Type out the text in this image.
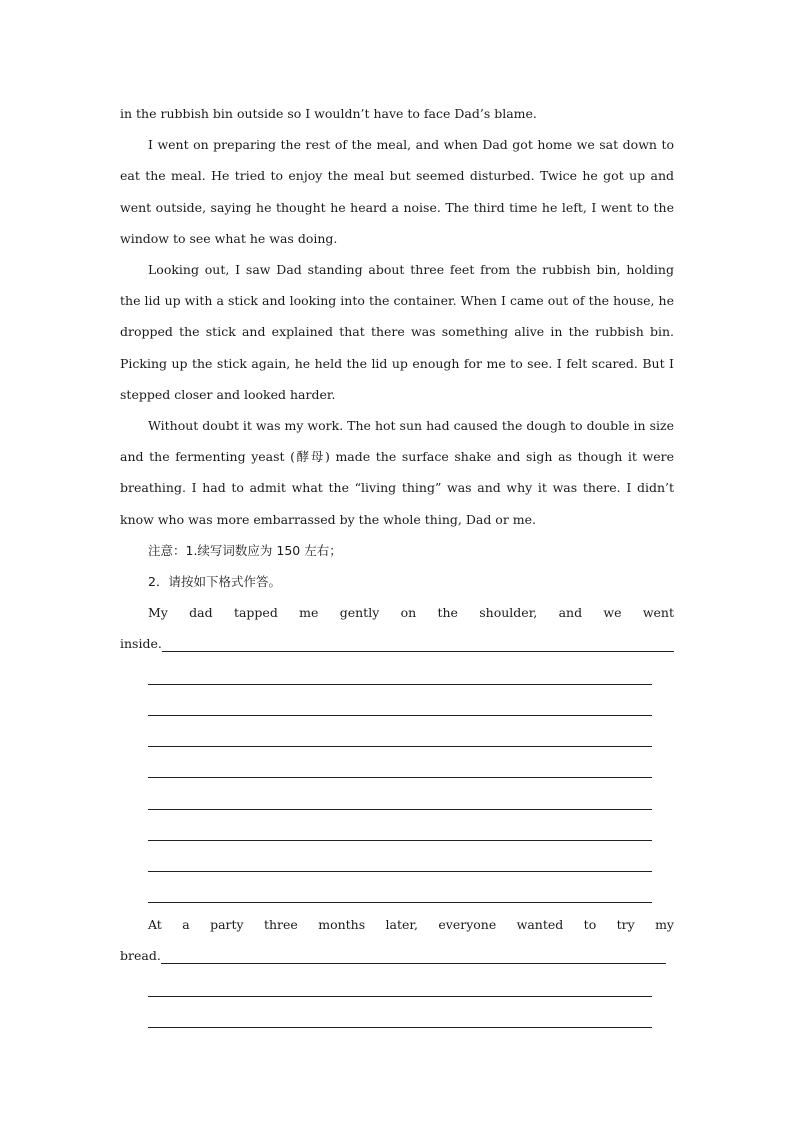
in the rubbish bin outside so I wouldn’t have to face Dad’s blame.

I went on preparing the rest of the meal, and when Dad got home we sat down to eat the meal. He tried to enjoy the meal but seemed disturbed. Twice he got up and went outside, saying he thought he heard a noise. The third time he left, I went to the window to see what he was doing.

Looking out, I saw Dad standing about three feet from the rubbish bin, holding the lid up with a stick and looking into the container. When I came out of the house, he dropped the stick and explained that there was something alive in the rubbish bin. Picking up the stick again, he held the lid up enough for me to see. I felt scared. But I stepped closer and looked harder.

Without doubt it was my work. The hot sun had caused the dough to double in size and the fermenting yeast (酵母) made the surface shake and sigh as though it were breathing. I had to admit what the “living thing” was and why it was there. I didn’t know who was more embarrassed by the whole thing, Dad or me.

注意：1.续写词数应为 150 左右；

2．请按如下格式作答。

My dad tapped me gently on the shoulder, and we went

inside.

At a party three months later, everyone wanted to try my

bread.
